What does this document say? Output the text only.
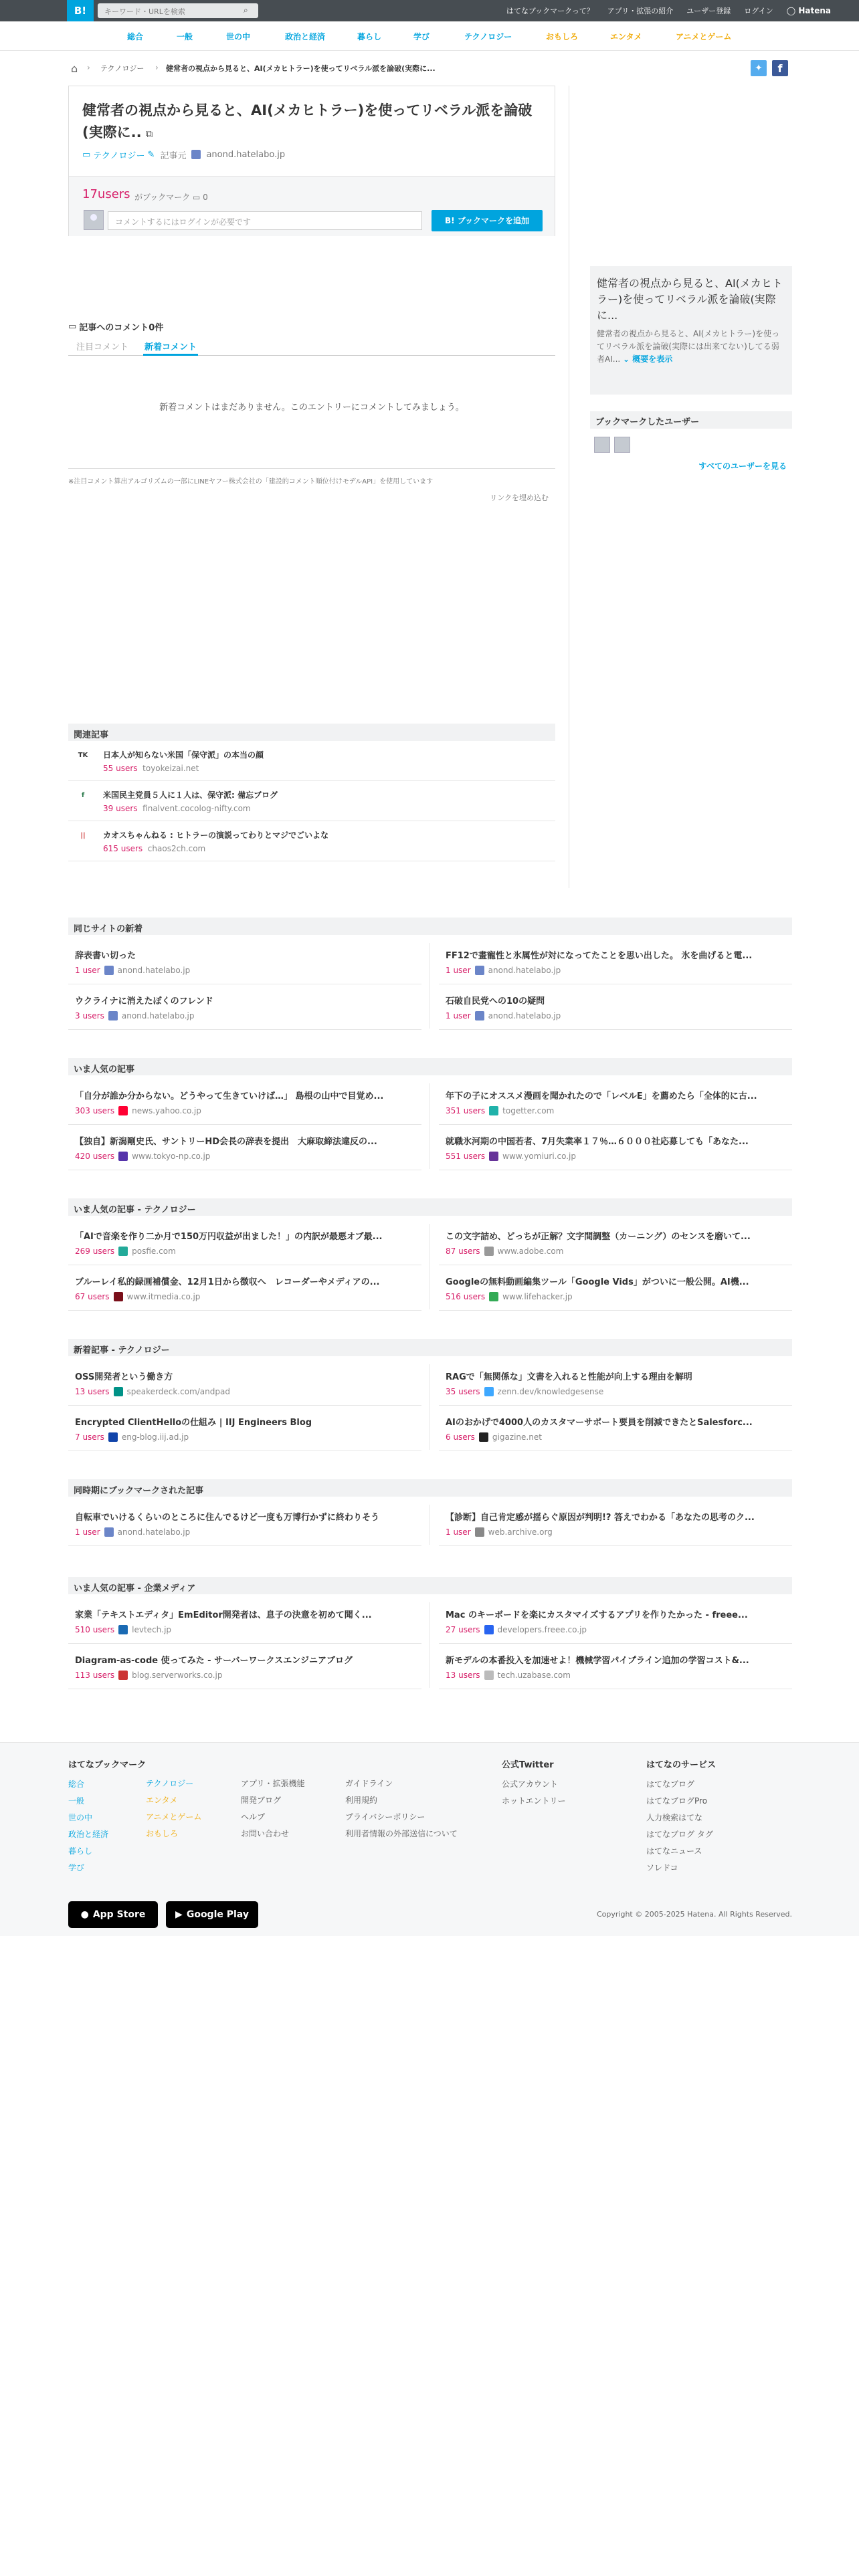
B!	キーワード・URLを検索	⌕	はてなブックマークって？ アプリ・拡張の紹介 ユーザー登録 ログイン ◯ Hatena
総合	一般	世の中	政治と経済	暮らし	学び	テクノロジー	おもしろ	エンタメ	アニメとゲーム
⌂ › テクノロジー › 健常者の視点から見ると、AI(メカヒトラー)を使ってリベラル派を論破(実際に...	✦	f
健常者の視点から見ると、AI(メカヒトラー)を使ってリベラル派を論破(実際に.. ⧉
▭ テクノロジー ✎ 記事元 anond.hatelabo.jp
17users がブックマーク ▭ 0
コメントするにはログインが必要です	B! ブックマークを追加
▭ 記事へのコメント0件
注目コメント 新着コメント
新着コメントはまだありません。このエントリーにコメントしてみましょう。
※注目コメント算出アルゴリズムの一部にLINEヤフー株式会社の「建設的コメント順位付けモデルAPI」を使用しています
リンクを埋め込む
健常者の視点から見ると、AI(メカヒトラー)を使ってリベラル派を論破(実際に...

健常者の視点から見ると、AI(メカヒトラー)を使ってリベラル派を論破(実際には出来てない)してる弱者AI... ⌄ 概要を表示

ブックマークしたユーザー
すべてのユーザーを見る
関連記事
TK 日本人が知らない米国「保守派」の本当の顔
55 users toyokeizai.net
f	米国民主党員５人に１人は、保守派: 備忘ブログ
39 users finalvent.cocolog-nifty.com
||	カオスちゃんねる : ヒトラーの演説ってわりとマジでごいよな
615 users chaos2ch.com
同じサイトの新着
辞表書い切った
1 user anond.hatelabo.jp
FF12で畫寵性と氷属性が対になってたことを思い出した。 氷を曲げると電...
1 user anond.hatelabo.jp
ウクライナに消えたぼくのフレンド
3 users anond.hatelabo.jp
石破自民党への10の疑問
1 user anond.hatelabo.jp
いま人気の記事
「自分が誰か分からない。どうやって生きていけば…」 島根の山中で目覚め...
303 users news.yahoo.co.jp
年下の子にオススメ漫画を聞かれたので「レベルE」を薦めたら「全体的に古...
351 users togetter.com
【独自】新潟剛史氏、サントリーHD会長の辞表を提出　大麻取締法違反の...
420 users www.tokyo-np.co.jp
就職氷河期の中国若者、7月失業率１７％…６０００社応募しても「あなた...
551 users www.yomiuri.co.jp
いま人気の記事 - テクノロジー
「AIで音楽を作り二か月で150万円収益が出ました！」の内訳が最悪オブ最...
269 users posfie.com
この文字詰め、どっちが正解？文字間調整（カーニング）のセンスを磨いて...
87 users www.adobe.com
ブルーレイ私的録画補償金、12月1日から徴収へ　レコーダーやメディアの...
67 users www.itmedia.co.jp
Googleの無料動画編集ツール「Google Vids」がついに一般公開。AI機...
516 users www.lifehacker.jp
新着記事 - テクノロジー
OSS開発者という働き方
13 users speakerdeck.com/andpad
RAGで「無関係な」文書を入れると性能が向上する理由を解明
35 users zenn.dev/knowledgesense
Encrypted ClientHelloの仕組み | IIJ Engineers Blog
7 users eng-blog.iij.ad.jp
AIのおかげで4000人のカスタマーサポート要員を削減できたとSalesforc...
6 users gigazine.net
同時期にブックマークされた記事
自転車でいけるくらいのところに住んでるけど一度も万博行かずに終わりそう
1 user anond.hatelabo.jp
【診断】自己肯定感が揺らぐ原因が判明!? 答えでわかる「あなたの思考のク...
1 user web.archive.org
いま人気の記事 - 企業メディア
家業「テキストエディタ」EmEditor開発者は、息子の決意を初めて聞く...
510 users levtech.jp
Mac のキーボードを楽にカスタマイズするアプリを作りたかった - freee...
27 users developers.freee.co.jp
Diagram-as-code 使ってみた - サーバーワークスエンジニアブログ
113 users blog.serverworks.co.jp
新モデルの本番投入を加速せよ！機械学習パイプライン追加の学習コスト&...
13 users tech.uzabase.com
はてなブックマーク
総合
一般
世の中
政治と経済
暮らし
学び
テクノロジー
エンタメ
アニメとゲーム
おもしろ
アプリ・拡張機能
開発ブログ
ヘルプ
お問い合わせ
ガイドライン
利用規約
プライバシーポリシー
利用者情報の外部送信について
公式Twitter
公式アカウント
ホットエントリー
はてなのサービス
はてなブログ
はてなブログPro
人力検索はてな
はてなブログ タグ
はてなニュース
ソレドコ
● App Store	▶ Google Play	Copyright © 2005-2025 Hatena. All Rights Reserved.
